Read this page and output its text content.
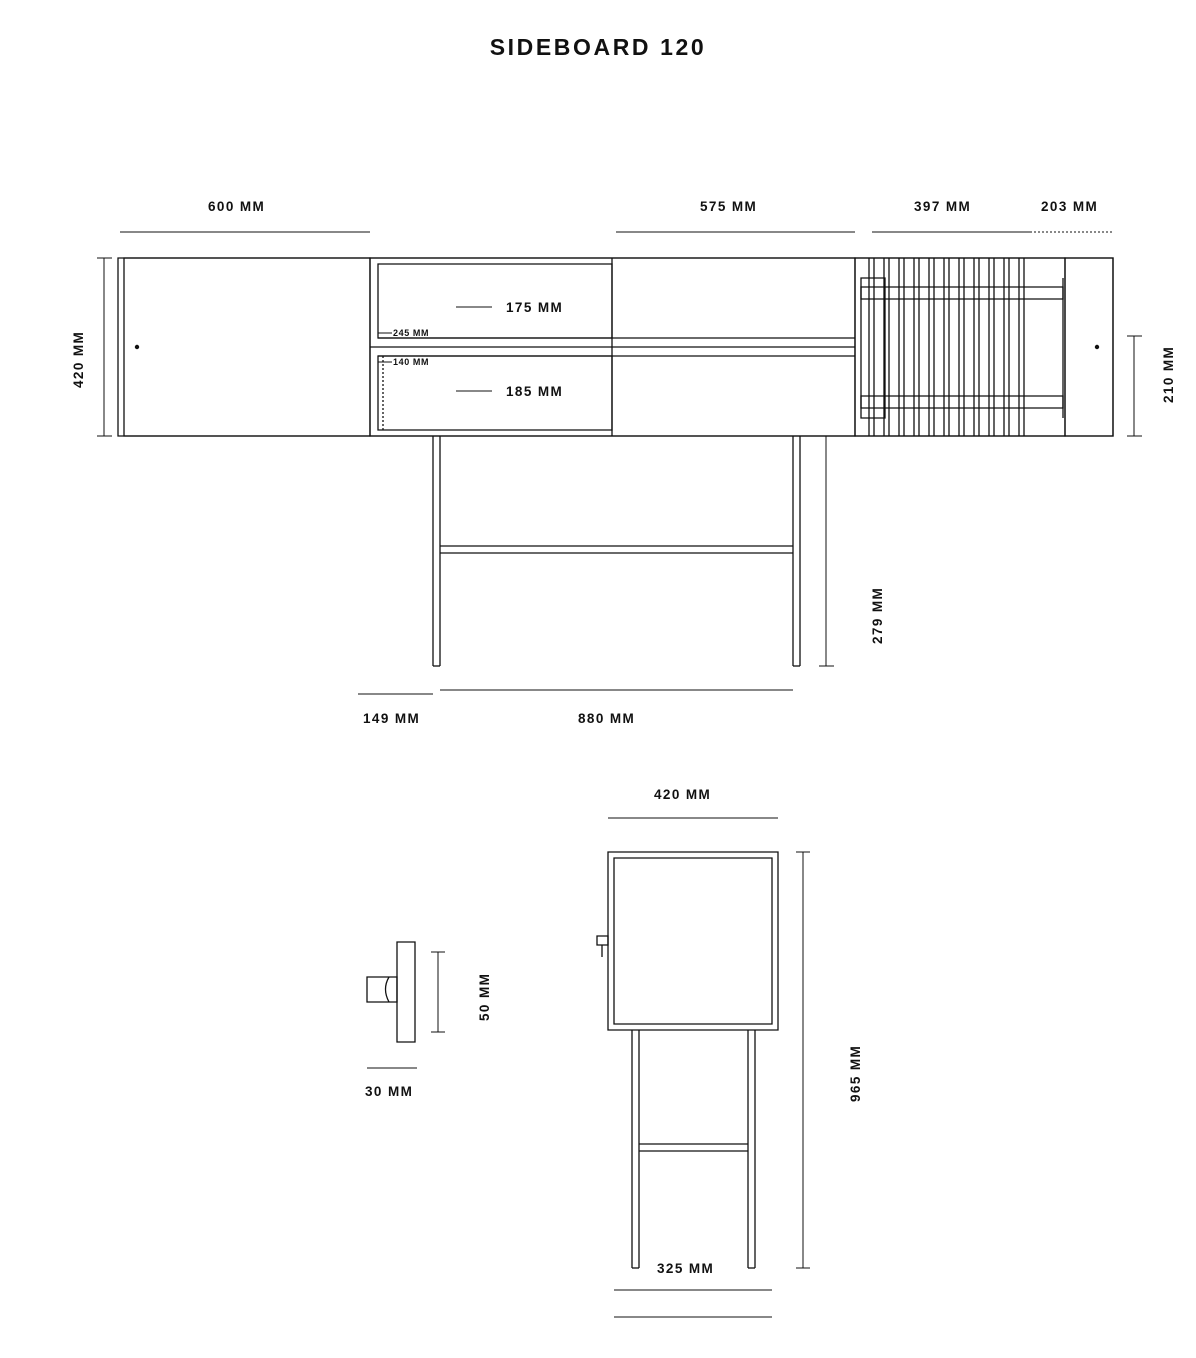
SIDEBOARD 120
600 MM	575 MM	397 MM	203 MM
420 MM	210 MM
279 MM
175 MM
185 MM
245 MM
140 MM
149 MM	880 MM
420 MM
965 MM
325 MM
50 MM
30 MM
